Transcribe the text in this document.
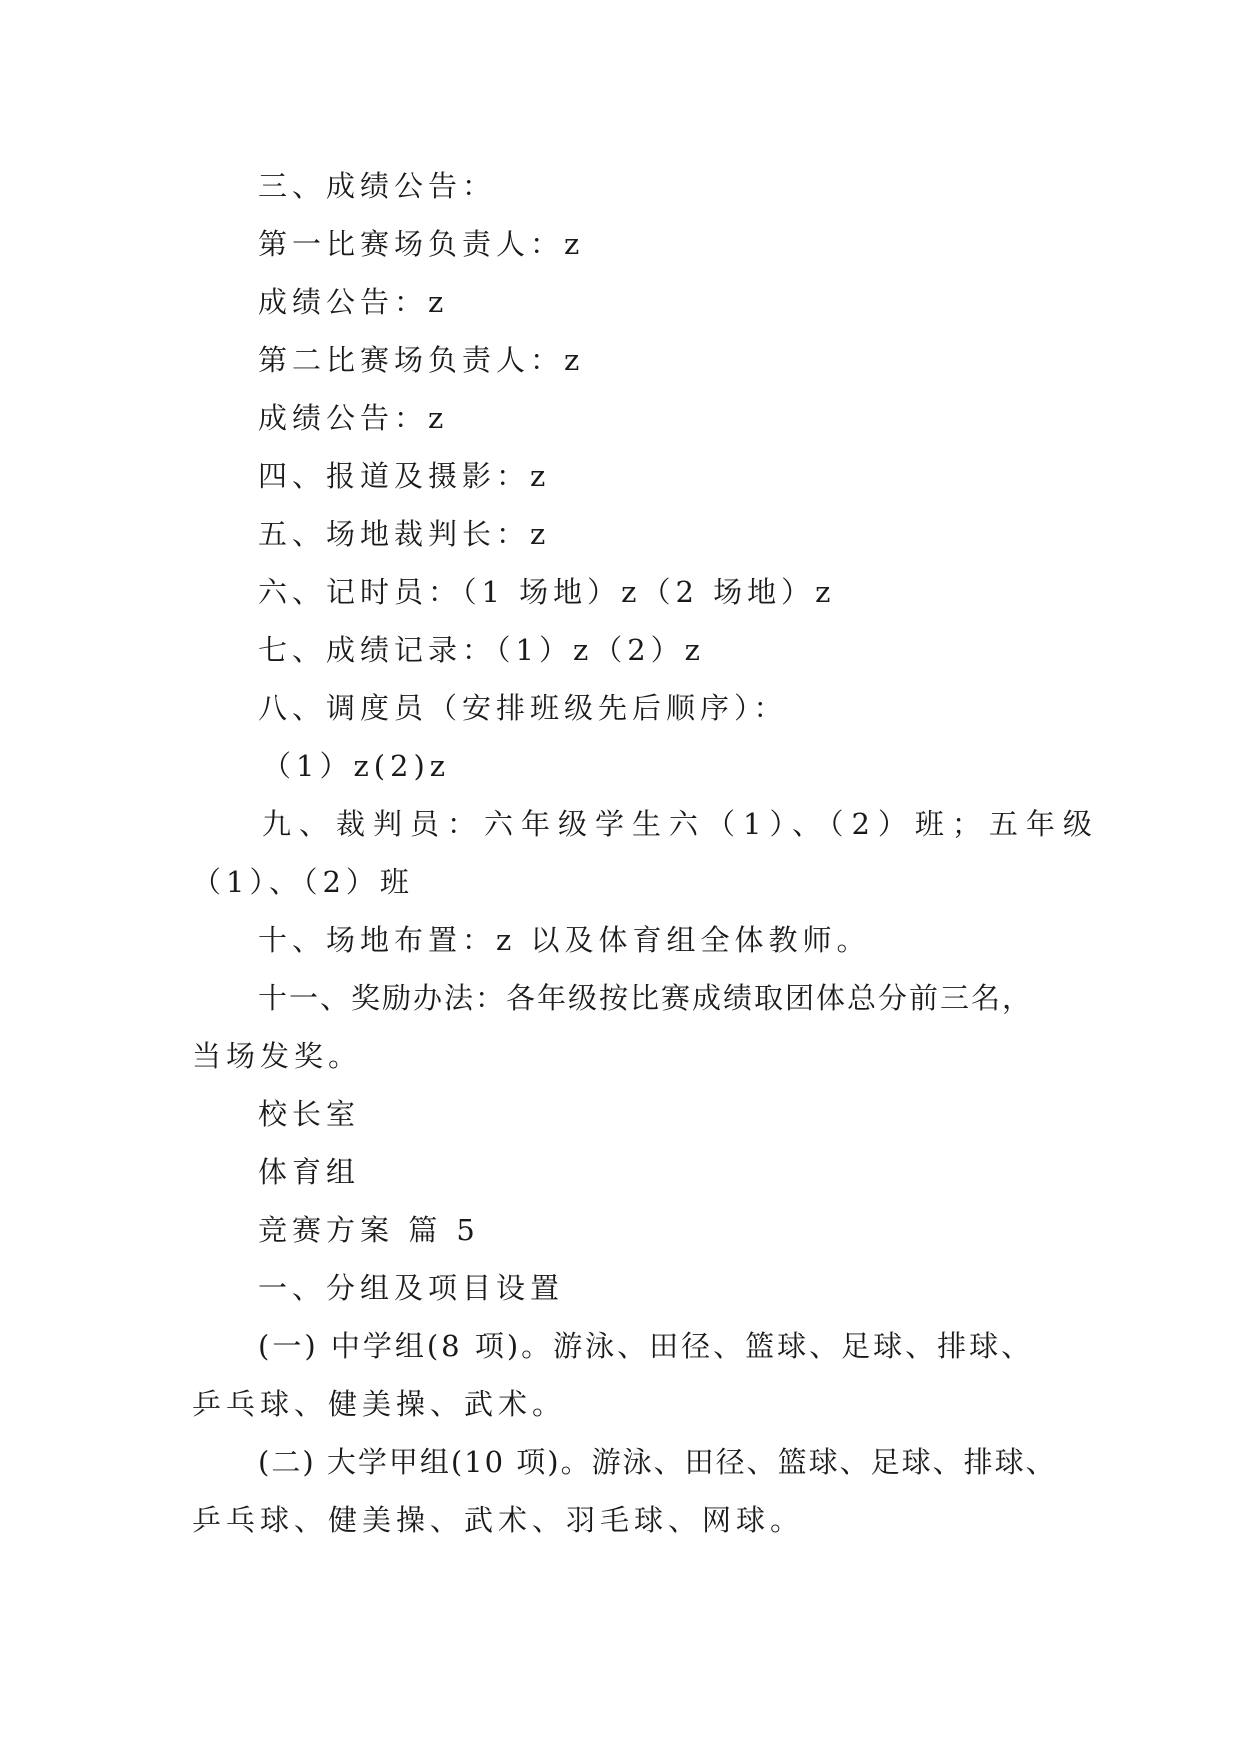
三、成绩公告：

第一比赛场负责人：z

成绩公告：z

第二比赛场负责人：z

成绩公告：z

四、报道及摄影：z

五、场地裁判长：z

六、记时员：（1 场地）z（2 场地）z

七、成绩记录：（1）z（2）z

八、调度员（安排班级先后顺序）：

（1）z(2)z

九、裁判员：六年级学生六（1）、（2）班；五年级

（1）、（2）班

十、场地布置：z 以及体育组全体教师。

十一、奖励办法：各年级按比赛成绩取团体总分前三名，

当场发奖。

校长室

体育组

竞赛方案 篇 5

一、分组及项目设置

(一) 中学组(8 项)。游泳、田径、篮球、足球、排球、

乒乓球、健美操、武术。

(二) 大学甲组(10 项)。游泳、田径、篮球、足球、排球、

乒乓球、健美操、武术、羽毛球、网球。
